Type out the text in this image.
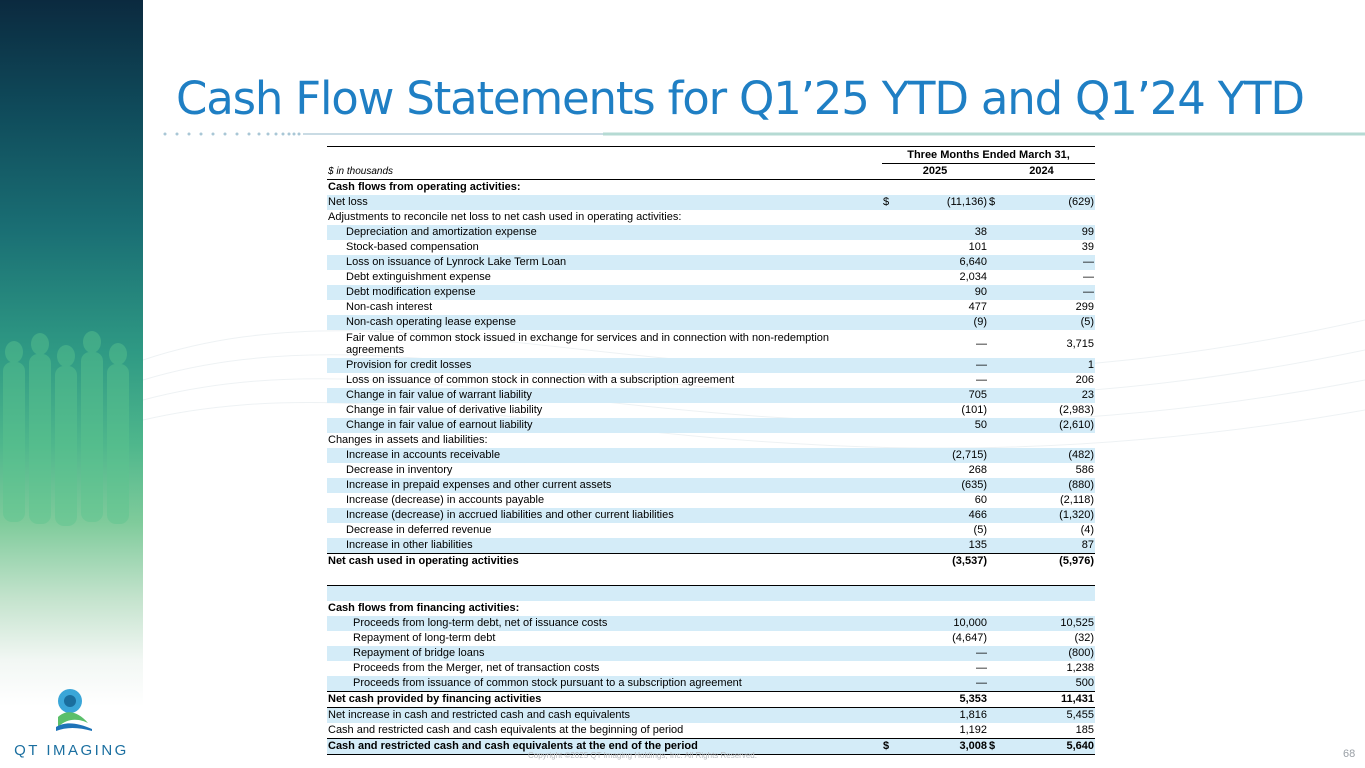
QT IMAGING
Cash Flow Statements for Q1’25 YTD and Q1’24 YTD
	Three Months Ended March 31,			
$ in thousands	2025		2024	
Cash flows from operating activities:				
Net loss	$	(11,136)	$	(629)
Adjustments to reconcile net loss to net cash used in operating activities:				
Depreciation and amortization expense		38		99
Stock-based compensation		101		39
Loss on issuance of Lynrock Lake Term Loan		6,640		—
Debt extinguishment expense		2,034		—
Debt modification expense		90		—
Non-cash interest		477		299
Non-cash operating lease expense		(9)		(5)
Fair value of common stock issued in exchange for services and in connection with non-redemption agreements		—		3,715
Provision for credit losses		—		1
Loss on issuance of common stock in connection with a subscription agreement		—		206
Change in fair value of warrant liability		705		23
Change in fair value of derivative liability		(101)		(2,983)
Change in fair value of earnout liability		50		(2,610)
Changes in assets and liabilities:				
Increase in accounts receivable		(2,715)		(482)
Decrease in inventory		268		586
Increase in prepaid expenses and other current assets		(635)		(880)
Increase (decrease) in accounts payable		60		(2,118)
Increase (decrease) in accrued liabilities and other current liabilities		466		(1,320)
Decrease in deferred revenue		(5)		(4)
Increase in other liabilities		135		87
Net cash used in operating activities		(3,537)		(5,976)

Cash flows from financing activities:				
Proceeds from long-term debt, net of issuance costs		10,000		10,525
Repayment of long-term debt		(4,647)		(32)
Repayment of bridge loans		—		(800)
Proceeds from the Merger, net of transaction costs		—		1,238
Proceeds from issuance of common stock pursuant to a subscription agreement		—		500
Net cash provided by financing activities		5,353		11,431
Net increase in cash and restricted cash and cash equivalents		1,816		5,455
Cash and restricted cash and cash equivalents at the beginning of period		1,192		185
Cash and restricted cash and cash equivalents at the end of the period	$	3,008	$	5,640
Copyright ©2025 QT Imaging Holdings, Inc. All Rights Reserved.	68
